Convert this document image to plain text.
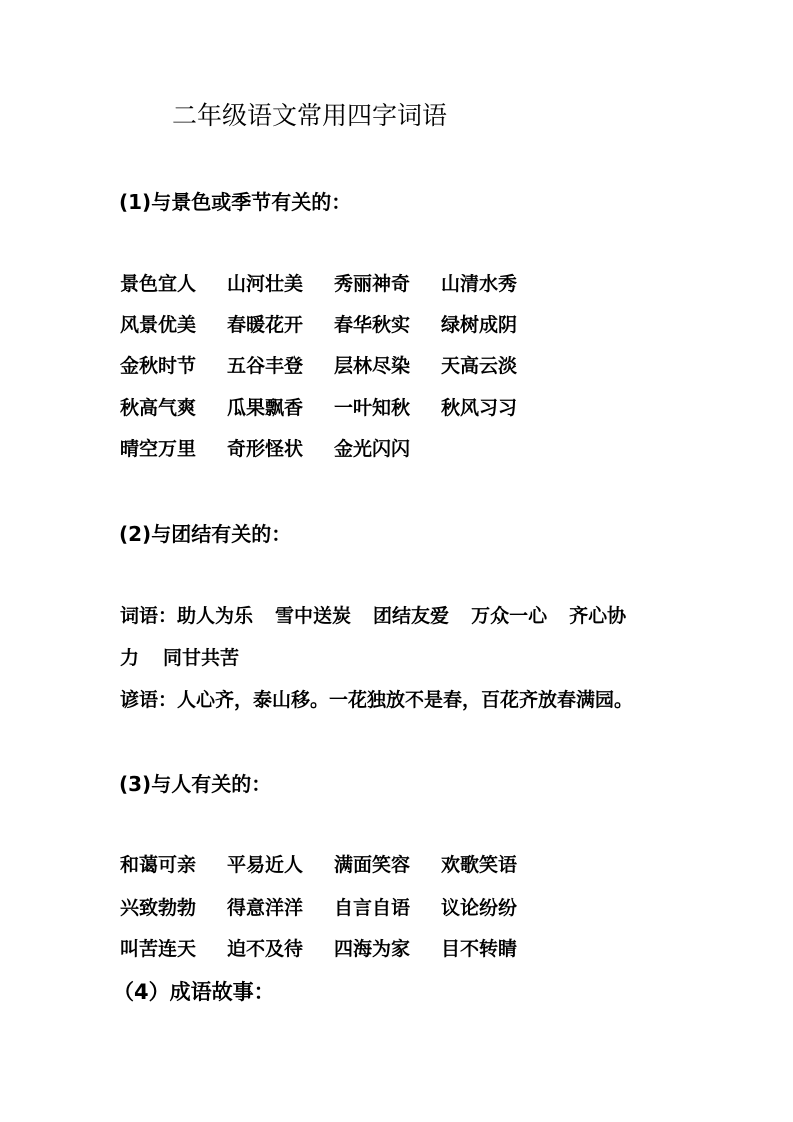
二年级语文常用四字词语
(1)与景色或季节有关的：
景色宜人 山河壮美 秀丽神奇 山清水秀
风景优美 春暖花开 春华秋实 绿树成阴
金秋时节 五谷丰登 层林尽染 天高云淡
秋高气爽 瓜果飘香 一叶知秋 秋风习习
晴空万里 奇形怪状 金光闪闪
(2)与团结有关的：
词语：助人为乐 雪中送炭 团结友爱 万众一心 齐心协
力 同甘共苦
谚语：人心齐，泰山移。一花独放不是春，百花齐放春满园。
(3)与人有关的：
和蔼可亲 平易近人 满面笑容 欢歌笑语
兴致勃勃 得意洋洋 自言自语 议论纷纷
叫苦连天 迫不及待 四海为家 目不转睛
（4）成语故事：
